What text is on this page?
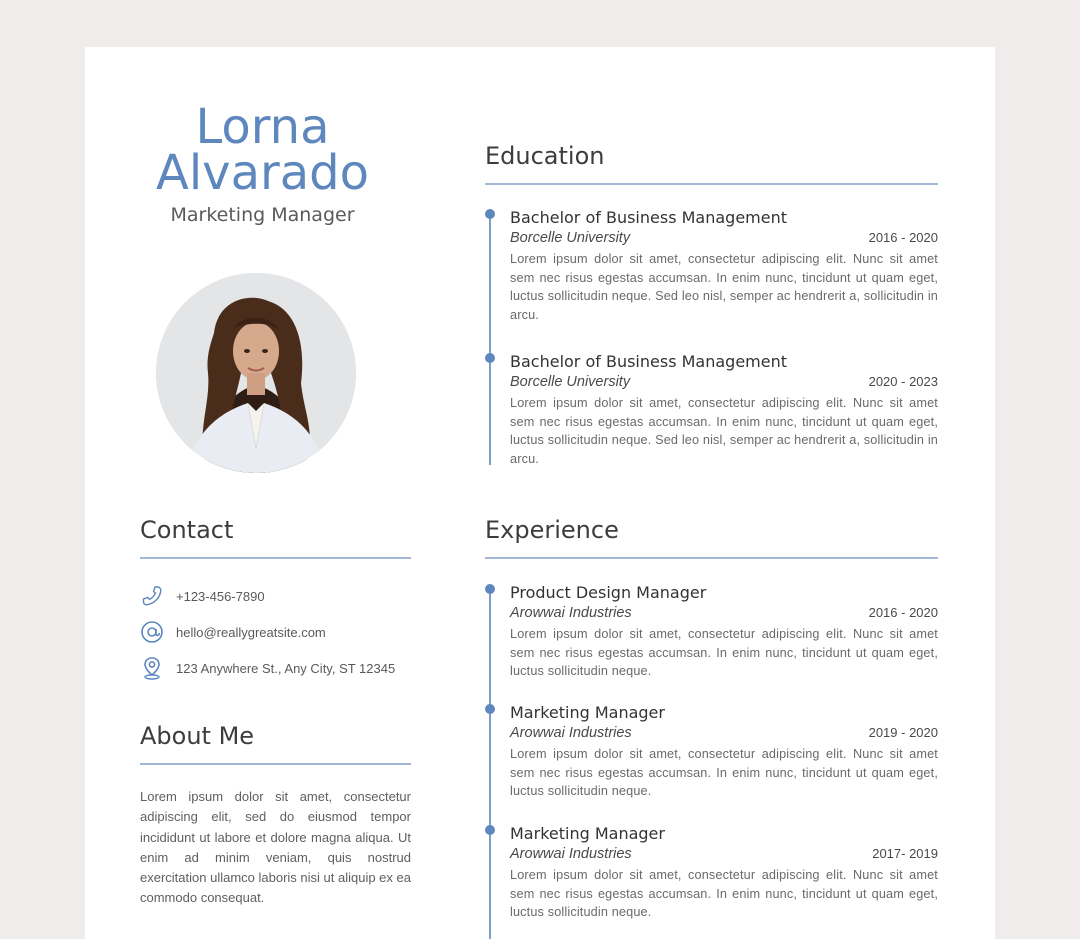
Lorna
Alvarado
Marketing Manager
Contact
+123-456-7890
hello@reallygreatsite.com
123 Anywhere St., Any City, ST 12345
About Me

Lorem ipsum dolor sit amet, consectetur adipiscing elit, sed do eiusmod tempor incididunt ut labore et dolore magna aliqua. Ut enim ad minim veniam, quis nostrud exercitation ullamco laboris nisi ut aliquip ex ea commodo consequat.

Education
Bachelor of Business Management
Borcelle University	2016 - 2020

Lorem ipsum dolor sit amet, consectetur adipiscing elit. Nunc sit amet sem nec risus egestas accumsan. In enim nunc, tincidunt ut quam eget, luctus sollicitudin neque. Sed leo nisl, semper ac hendrerit a, sollicitudin in arcu.

Bachelor of Business Management
Borcelle University	2020 - 2023

Lorem ipsum dolor sit amet, consectetur adipiscing elit. Nunc sit amet sem nec risus egestas accumsan. In enim nunc, tincidunt ut quam eget, luctus sollicitudin neque. Sed leo nisl, semper ac hendrerit a, sollicitudin in arcu.

Experience
Product Design Manager
Arowwai Industries	2016 - 2020

Lorem ipsum dolor sit amet, consectetur adipiscing elit. Nunc sit amet sem nec risus egestas accumsan. In enim nunc, tincidunt ut quam eget, luctus sollicitudin neque.

Marketing Manager
Arowwai Industries	2019 - 2020

Lorem ipsum dolor sit amet, consectetur adipiscing elit. Nunc sit amet sem nec risus egestas accumsan. In enim nunc, tincidunt ut quam eget, luctus sollicitudin neque.

Marketing Manager
Arowwai Industries	2017- 2019

Lorem ipsum dolor sit amet, consectetur adipiscing elit. Nunc sit amet sem nec risus egestas accumsan. In enim nunc, tincidunt ut quam eget, luctus sollicitudin neque.
